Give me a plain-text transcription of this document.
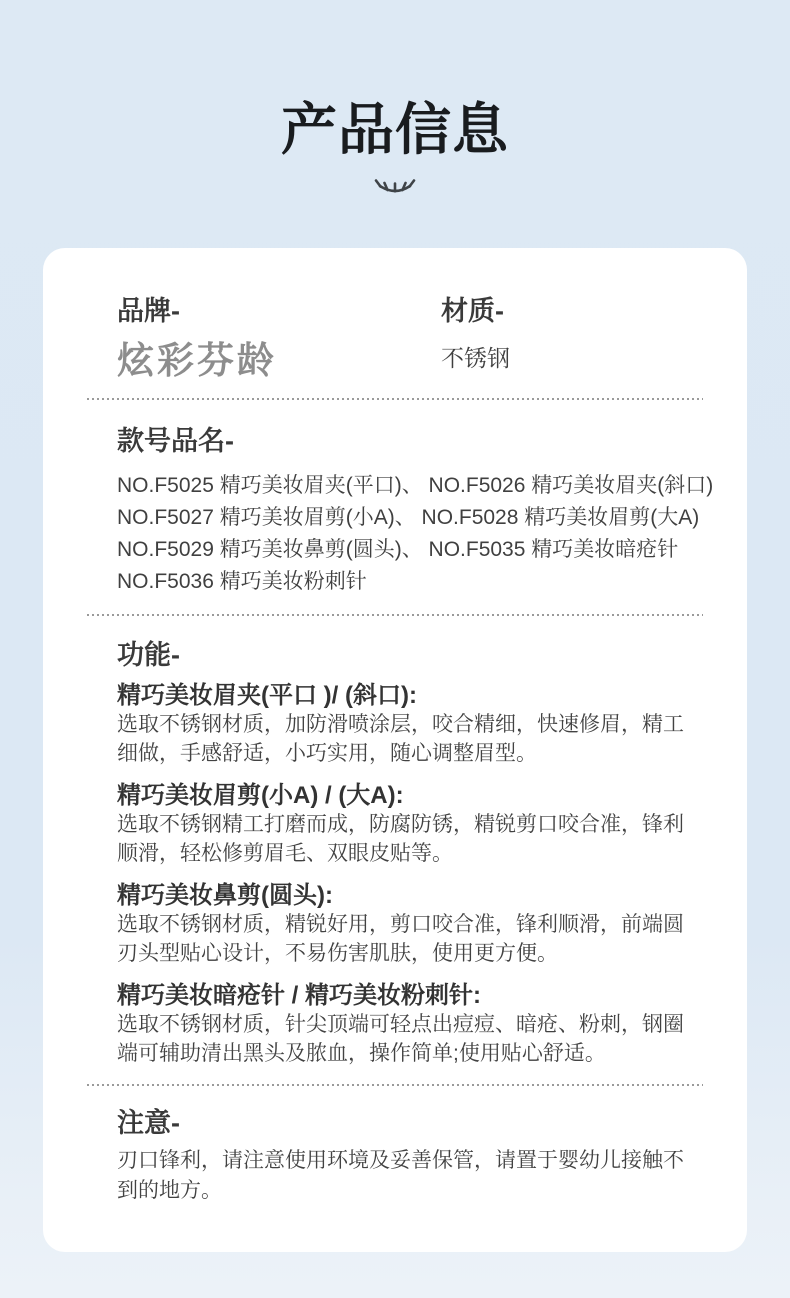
产品信息
品牌-
炫彩芬龄
材质-
不锈钢
款号品名-

NO.F5025 精巧美妆眉夹(平口)、 NO.F5026 精巧美妆眉夹(斜口)

NO.F5027 精巧美妆眉剪(小A)、 NO.F5028 精巧美妆眉剪(大A)

NO.F5029 精巧美妆鼻剪(圆头)、 NO.F5035 精巧美妆暗疮针

NO.F5036 精巧美妆粉刺针

功能-
精巧美妆眉夹(平口 )/ (斜口):

选取不锈钢材质，加防滑喷涂层，咬合精细，快速修眉，精工细做，手感舒适，小巧实用，随心调整眉型。

精巧美妆眉剪(小A) / (大A):

选取不锈钢精工打磨而成，防腐防锈，精锐剪口咬合准，锋利顺滑，轻松修剪眉毛、双眼皮贴等。

精巧美妆鼻剪(圆头):

选取不锈钢材质，精锐好用，剪口咬合准，锋利顺滑，前端圆刃头型贴心设计，不易伤害肌肤，使用更方便。

精巧美妆暗疮针 / 精巧美妆粉刺针:

选取不锈钢材质，针尖顶端可轻点出痘痘、暗疮、粉刺，钢圈端可辅助清出黑头及脓血，操作简单;使用贴心舒适。

注意-

刃口锋利，请注意使用环境及妥善保管，请置于婴幼儿接触不到的地方。
